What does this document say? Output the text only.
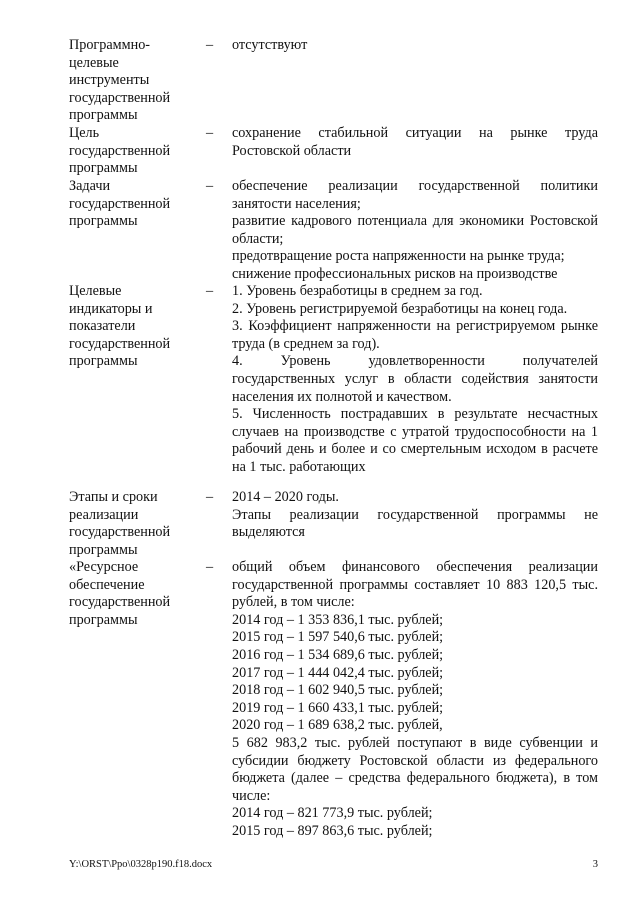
Программно-целевые инструменты государственной программы
–	отсутствуют

Цель государственной программы
–	сохранение стабильной ситуации на рынке труда Ростовской области

Задачи государственной программы
–	обеспечение реализации государственной политики занятости населения;

развитие кадрового потенциала для экономики Ростовской области;

предотвращение роста напряженности на рынке труда;

снижение профессиональных рисков на производстве

Целевые индикаторы и показатели государственной программы
–	1. Уровень безработицы в среднем за год.

2. Уровень регистрируемой безработицы на конец года.

3. Коэффициент напряженности на регистрируемом рынке труда (в среднем за год).

4. Уровень удовлетворенности получателей государственных услуг в области содействия занятости населения их полнотой и качеством.

5. Численность пострадавших в результате несчастных случаев на производстве с утратой трудоспособности на 1 рабочий день и более и со смертельным исходом в расчете на 1 тыс. работающих

Этапы и сроки реализации государственной программы
–	2014 – 2020 годы.

Этапы реализации государственной программы не выделяются

«Ресурсное обеспечение государственной программы
–	общий объем финансового обеспечения реализации государственной программы составляет 10 883 120,5 тыс. рублей, в том числе:

2014 год – 1 353 836,1 тыс. рублей;

2015 год – 1 597 540,6 тыс. рублей;

2016 год – 1 534 689,6 тыс. рублей;

2017 год – 1 444 042,4 тыс. рублей;

2018 год – 1 602 940,5 тыс. рублей;

2019 год – 1 660 433,1 тыс. рублей;

2020 год – 1 689 638,2 тыс. рублей,

5 682 983,2 тыс. рублей поступают в виде субвенции и субсидии бюджету Ростовской области из федерального бюджета (далее – средства федерального бюджета), в том числе:

2014 год – 821 773,9 тыс. рублей;

2015 год – 897 863,6 тыс. рублей;

Y:\ORST\Ppo\0328p190.f18.docx	3
